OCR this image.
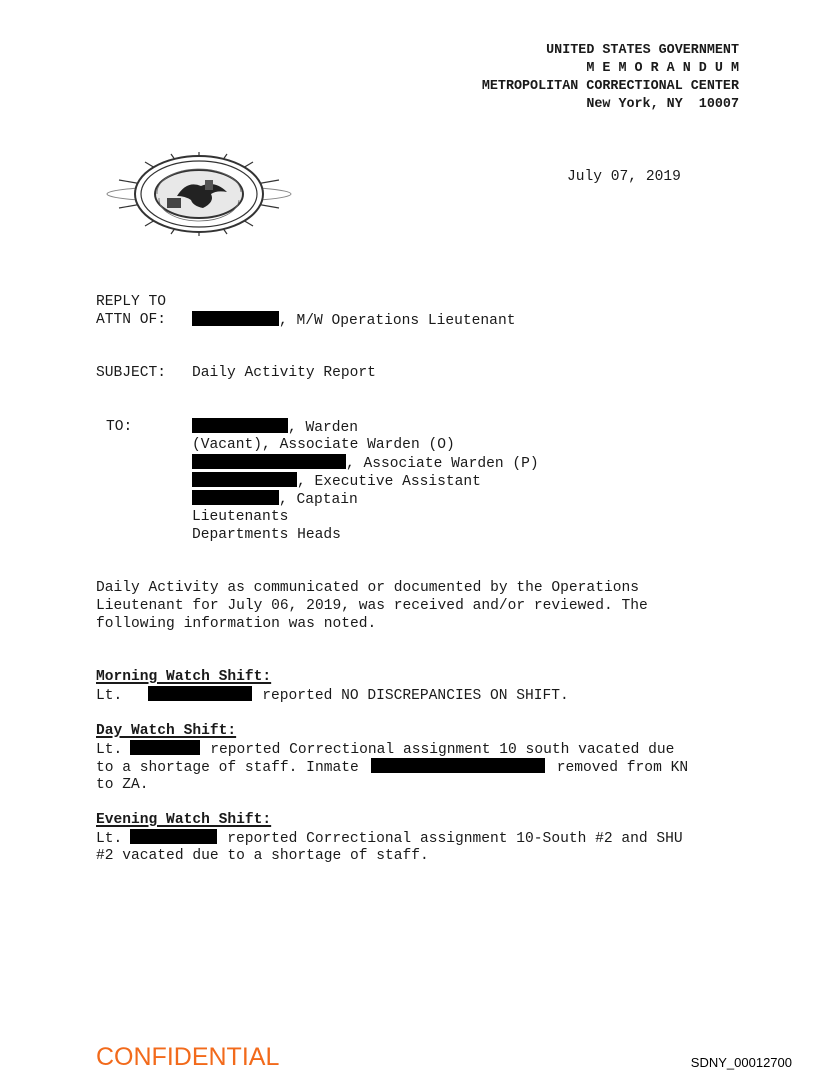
UNITED STATES GOVERNMENT
M E M O R A N D U M
METROPOLITAN CORRECTIONAL CENTER
New York, NY  10007

July 07, 2019
REPLY TO
ATTN OF:	, M/W Operations Lieutenant
SUBJECT: Daily Activity Report
TO:	, Warden
(Vacant), Associate Warden (O)
, Associate Warden (P)
, Executive Assistant
, Captain
Lieutenants
Departments Heads
Daily Activity as communicated or documented by the Operations
Lieutenant for July 06, 2019, was received and/or reviewed. The
following information was noted.
Morning Watch Shift:
Lt.	reported NO DISCREPANCIES ON SHIFT.
Day Watch Shift:
Lt.	reported Correctional assignment 10 south vacated due
to a shortage of staff. Inmate	removed from KN
to ZA.
Evening Watch Shift:
Lt.	reported Correctional assignment 10-South #2 and SHU
#2 vacated due to a shortage of staff.
CONFIDENTIAL	SDNY_00012700
